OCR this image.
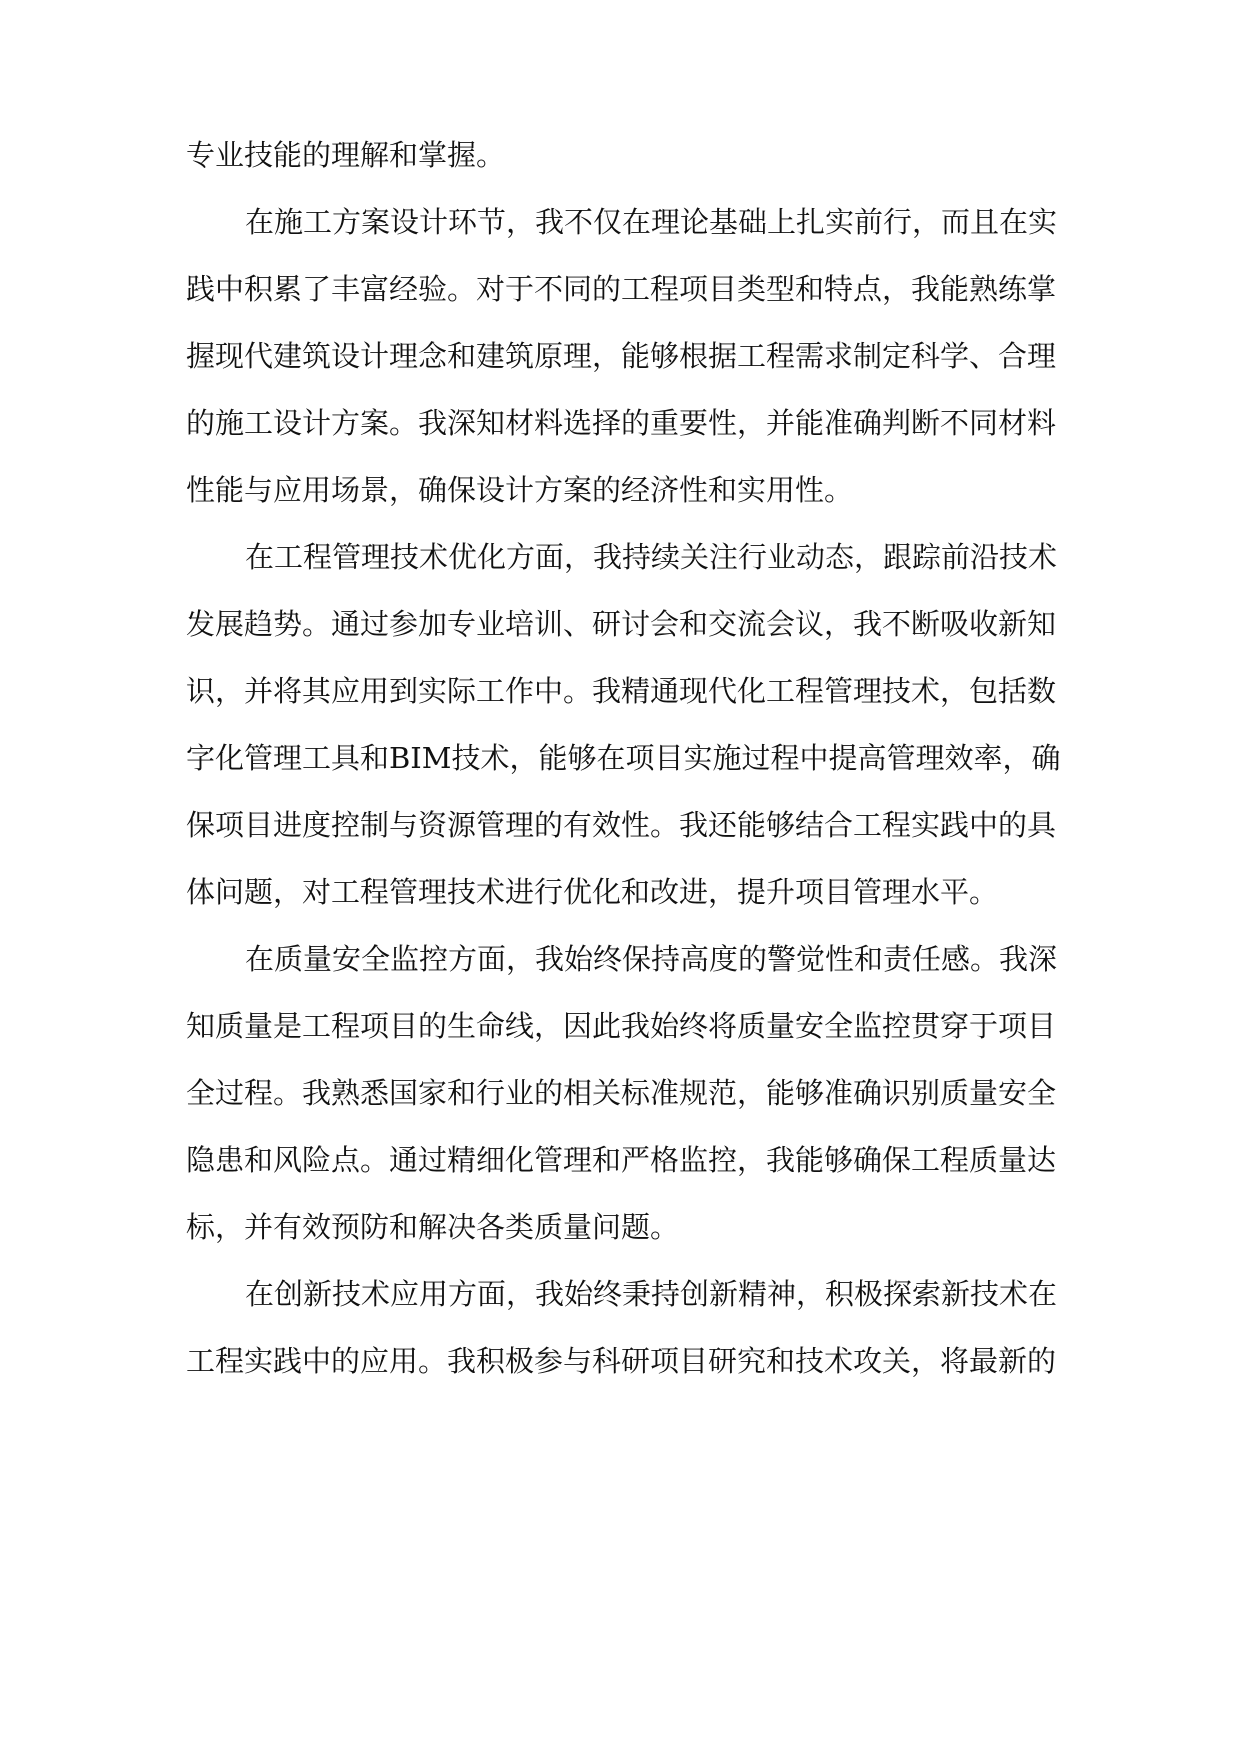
专业技能的理解和掌握。

在施工方案设计环节，我不仅在理论基础上扎实前行，而且在实

践中积累了丰富经验。对于不同的工程项目类型和特点，我能熟练掌

握现代建筑设计理念和建筑原理，能够根据工程需求制定科学、合理

的施工设计方案。我深知材料选择的重要性，并能准确判断不同材料

性能与应用场景，确保设计方案的经济性和实用性。

在工程管理技术优化方面，我持续关注行业动态，跟踪前沿技术

发展趋势。通过参加专业培训、研讨会和交流会议，我不断吸收新知

识，并将其应用到实际工作中。我精通现代化工程管理技术，包括数

字化管理工具和BIM技术，能够在项目实施过程中提高管理效率，确

保项目进度控制与资源管理的有效性。我还能够结合工程实践中的具

体问题，对工程管理技术进行优化和改进，提升项目管理水平。

在质量安全监控方面，我始终保持高度的警觉性和责任感。我深

知质量是工程项目的生命线，因此我始终将质量安全监控贯穿于项目

全过程。我熟悉国家和行业的相关标准规范，能够准确识别质量安全

隐患和风险点。通过精细化管理和严格监控，我能够确保工程质量达

标，并有效预防和解决各类质量问题。

在创新技术应用方面，我始终秉持创新精神，积极探索新技术在

工程实践中的应用。我积极参与科研项目研究和技术攻关，将最新的
